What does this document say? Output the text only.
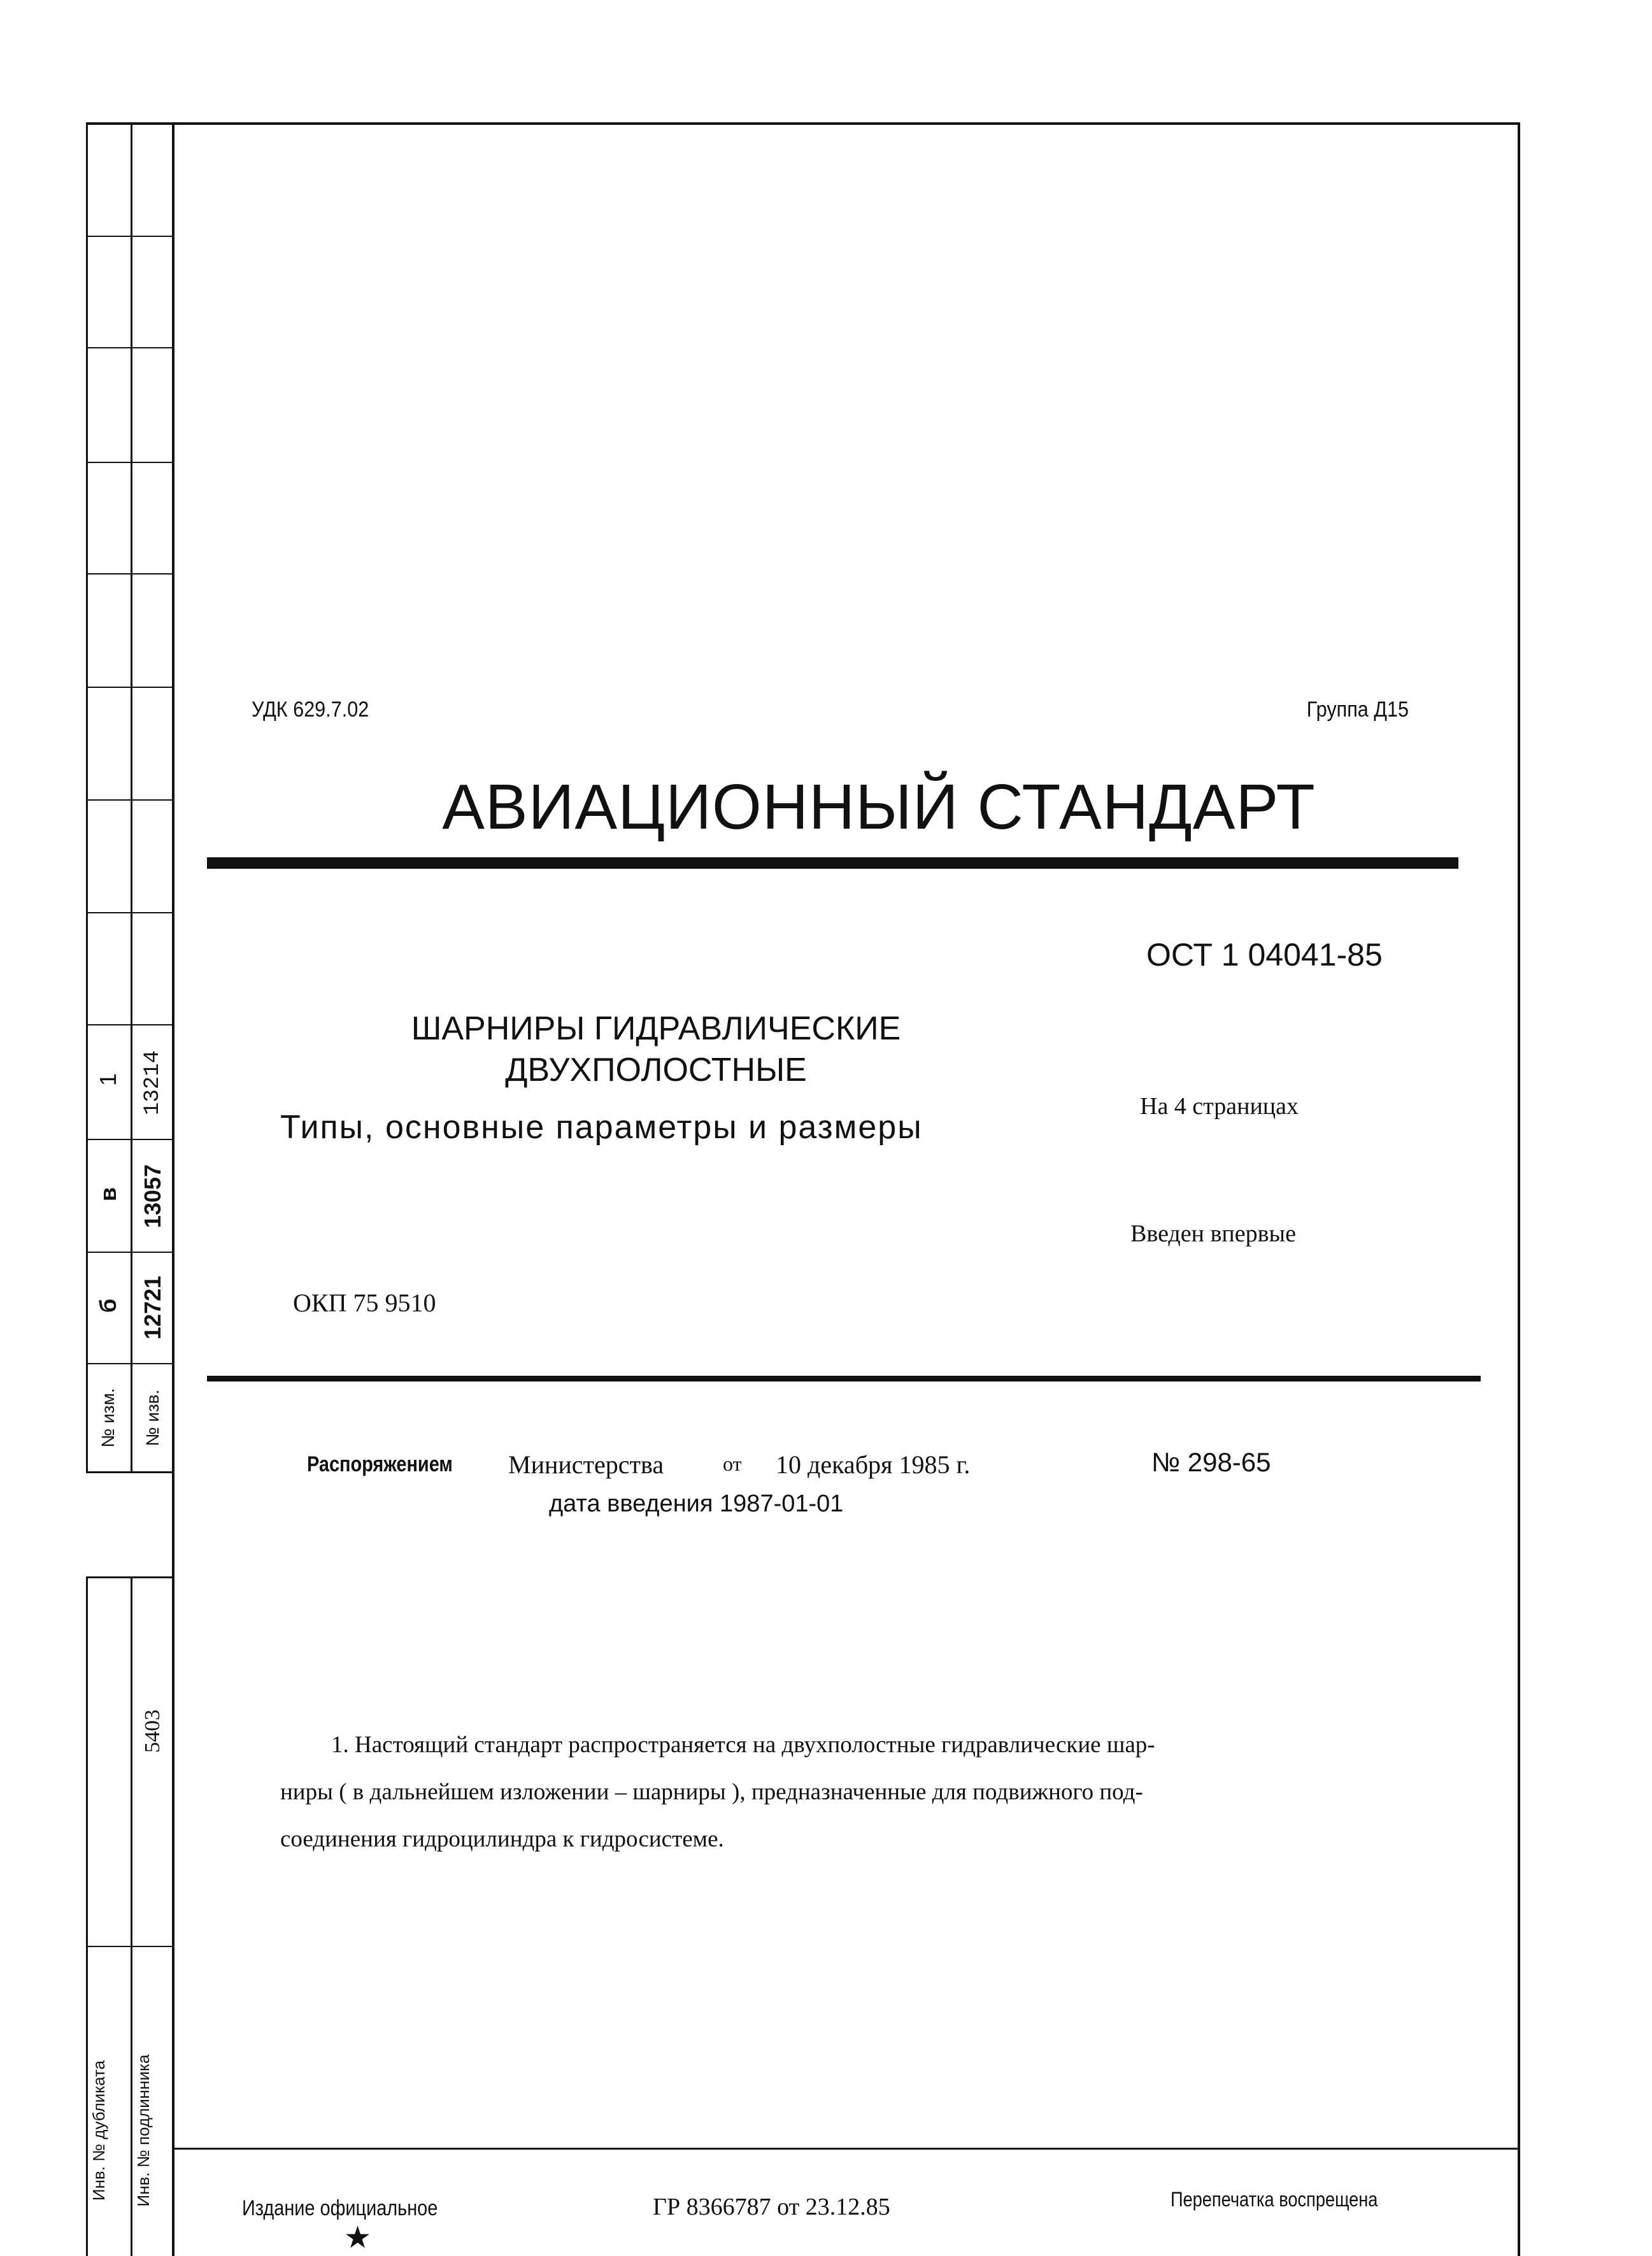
1 13214
в 13057
б 12721
№ изм. № изв.
5403
Инв. № дубликата Инв. № подлинника
УДК 629.7.02	Группа Д15
АВИАЦИОННЫЙ СТАНДАРТ
ОСТ 1 04041-85
ШАРНИРЫ ГИДРАВЛИЧЕСКИЕ
ДВУХПОЛОСТНЫЕ
Типы, основные параметры и размеры
На 4 страницах
Введен впервые
ОКП 75 9510
Распоряжением Министерства	от 10 декабря 1985 г.	№ 298-65
дата введения 1987-01-01
1. Настоящий стандарт распространяется на двухполостные гидравлические шар-
ниры ( в дальнейшем изложении – шарниры ), предназначенные для подвижного под-
соединения гидроцилиндра к гидросистеме.
Издание официальное
★
ГР 8366787 от 23.12.85	Перепечатка воспрещена
